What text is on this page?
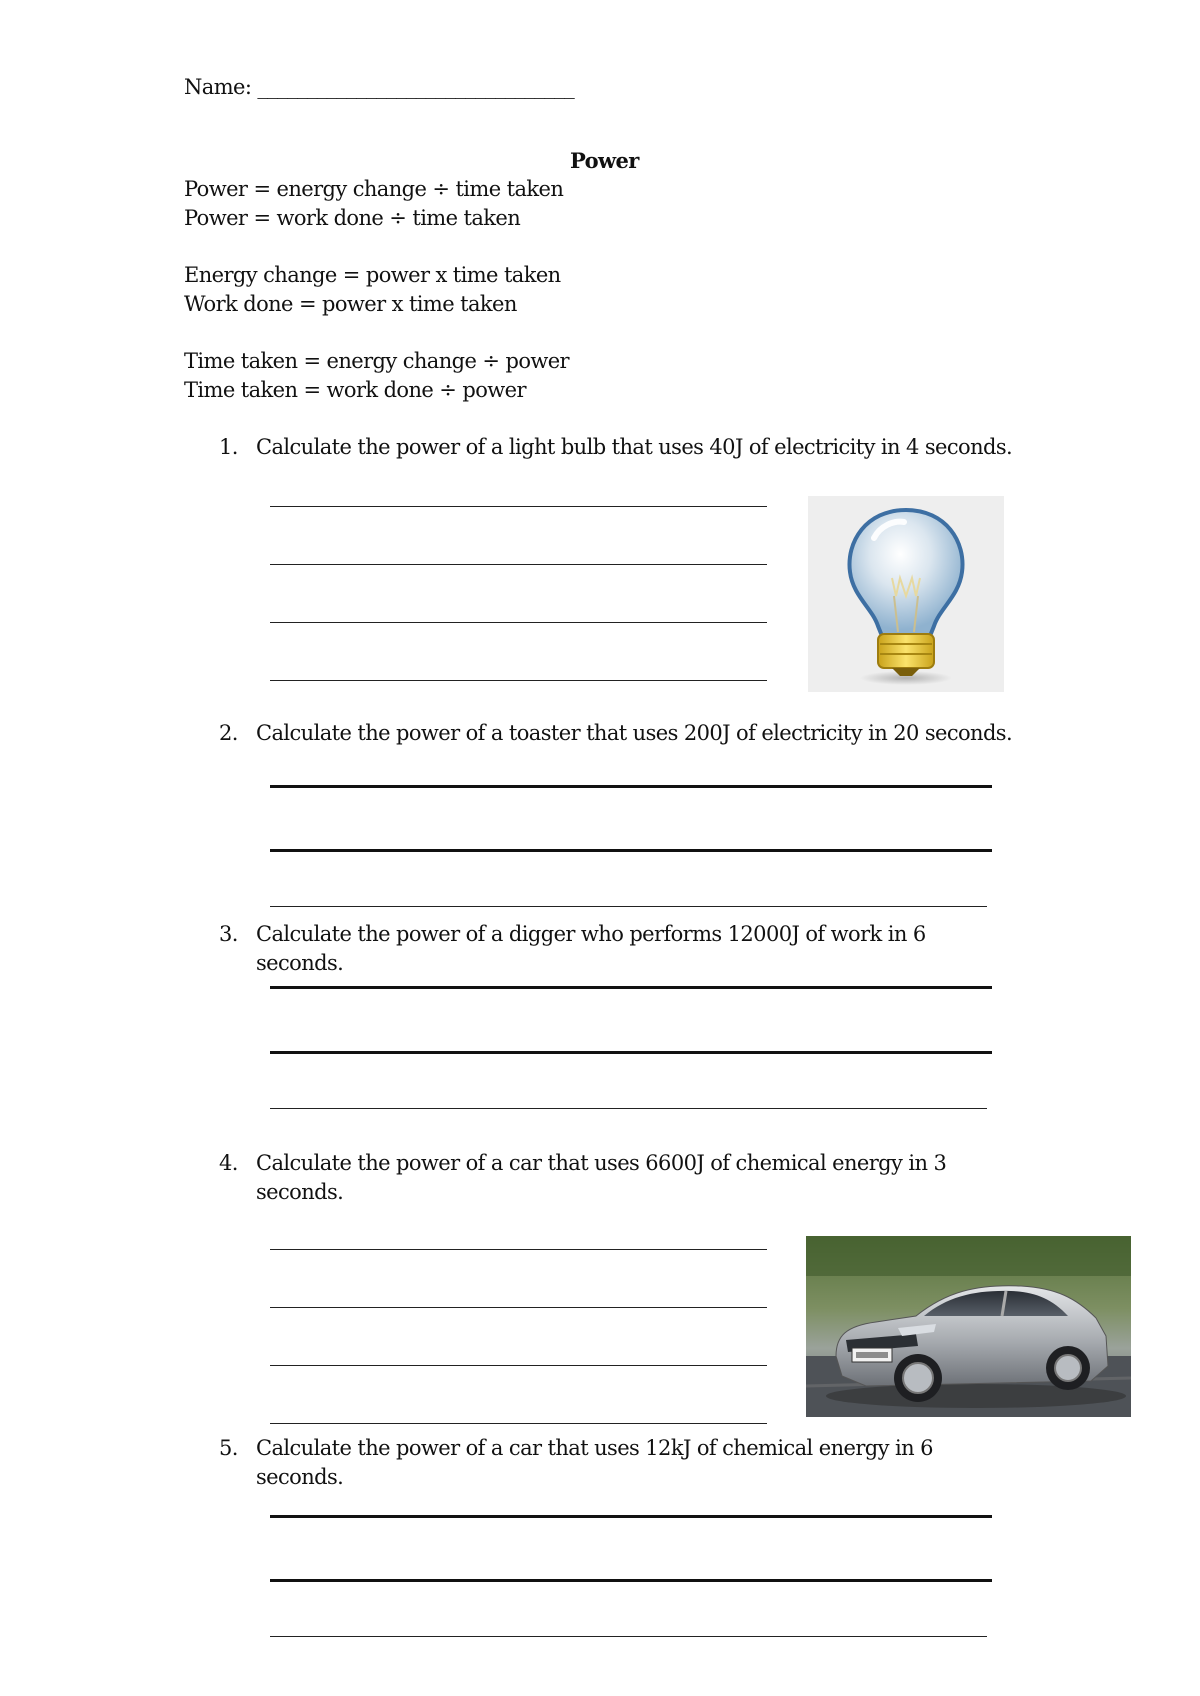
Name: ________________________________
Power
Power = energy change ÷ time taken
Power = work done ÷ time taken
Energy change = power x time taken
Work done = power x time taken
Time taken = energy change ÷ power
Time taken = work done ÷ power
1. Calculate the power of a light bulb that uses 40J of electricity in 4 seconds.
2. Calculate the power of a toaster that uses 200J of electricity in 20 seconds.
3. Calculate the power of a digger who performs 12000J of work in 6
seconds.
4. Calculate the power of a car that uses 6600J of chemical energy in 3
seconds.
5. Calculate the power of a car that uses 12kJ of chemical energy in 6
seconds.
